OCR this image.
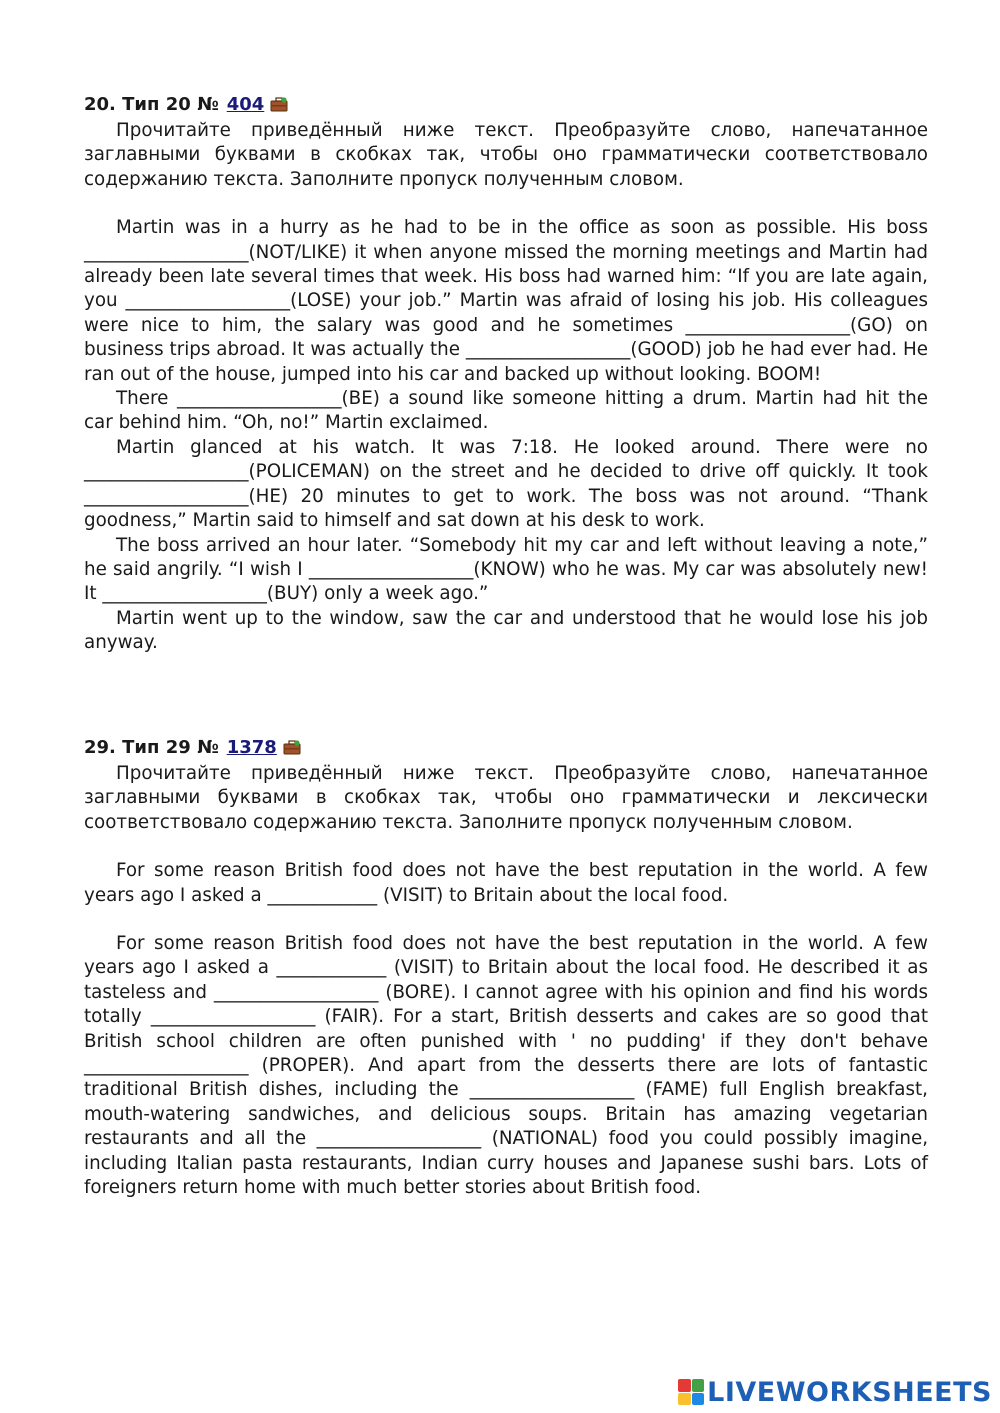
20. Тип 20 № 404

Прочитайте приведённый ниже текст. Преобразуйте слово, напечатанное заглавными буквами в скобках так, чтобы оно грамматически соответствовало содержанию текста. Заполните пропуск полученным словом.

Martin was in a hurry as he had to be in the office as soon as possible. His boss __________________(NOT/LIKE) it when anyone missed the morning meetings and Martin had already been late several times that week. His boss had warned him: “If you are late again, you __________________(LOSE) your job.” Martin was afraid of losing his job. His colleagues were nice to him, the salary was good and he sometimes __________________(GO) on business trips abroad. It was actually the __________________(GOOD) job he had ever had. He ran out of the house, jumped into his car and backed up without looking. BOOM!

There __________________(BE) a sound like someone hitting a drum. Martin had hit the car behind him. “Oh, no!” Martin exclaimed.

Martin glanced at his watch. It was 7:18. He looked around. There were no __________________(POLICEMAN) on the street and he decided to drive off quickly. It took __________________(HE) 20 minutes to get to work. The boss was not around. “Thank goodness,” Martin said to himself and sat down at his desk to work.

The boss arrived an hour later. “Somebody hit my car and left without leaving a note,” he said angrily. “I wish I __________________(KNOW) who he was. My car was absolutely new! It __________________(BUY) only a week ago.”

Martin went up to the window, saw the car and understood that he would lose his job anyway.

29. Тип 29 № 1378

Прочитайте приведённый ниже текст. Преобразуйте слово, напечатанное заглавными буквами в скобках так, чтобы оно грамматически и лексически соответствовало содержанию текста. Заполните пропуск полученным словом.

For some reason British food does not have the best reputation in the world. A few years ago I asked a ____________ (VISIT) to Britain about the local food.

For some reason British food does not have the best reputation in the world. A few years ago I asked a ____________ (VISIT) to Britain about the local food. He described it as tasteless and __________________ (BORE). I cannot agree with his opinion and find his words totally __________________ (FAIR). For a start, British desserts and cakes are so good that British school children are often punished with ' no pudding' if they don't behave __________________ (PROPER). And apart from the desserts there are lots of fantastic traditional British dishes, including the __________________ (FAME) full English breakfast, mouth-watering sandwiches, and delicious soups. Britain has amazing vegetarian restaurants and all the __________________ (NATIONAL) food you could possibly imagine, including Italian pasta restaurants, Indian curry houses and Japanese sushi bars. Lots of foreigners return home with much better stories about British food.

LIVEWORKSHEETS
